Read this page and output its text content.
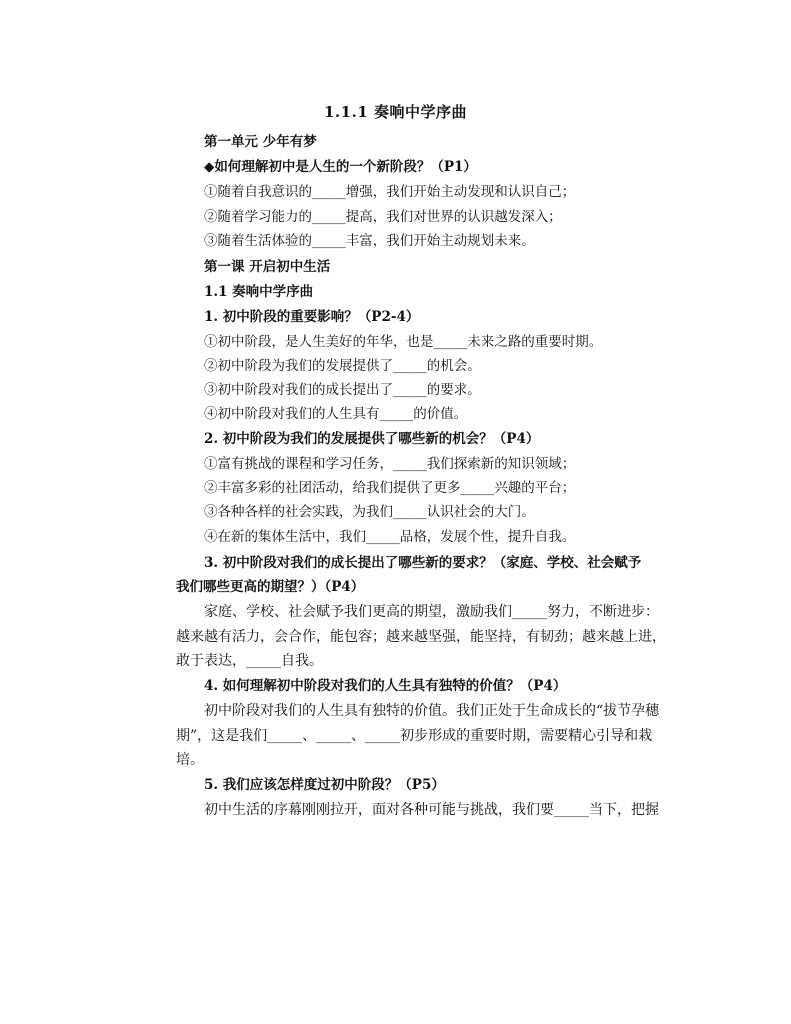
1.1.1 奏响中学序曲
第一单元 少年有梦
◆如何理解初中是人生的一个新阶段？（P1）
①随着自我意识的_____增强，我们开始主动发现和认识自己；
②随着学习能力的_____提高，我们对世界的认识越发深入；
③随着生活体验的_____丰富，我们开始主动规划未来。
第一课 开启初中生活
1.1 奏响中学序曲
1. 初中阶段的重要影响？（P2-4）
①初中阶段，是人生美好的年华，也是_____未来之路的重要时期。
②初中阶段为我们的发展提供了_____的机会。
③初中阶段对我们的成长提出了_____的要求。
④初中阶段对我们的人生具有_____的价值。
2. 初中阶段为我们的发展提供了哪些新的机会？（P4）
①富有挑战的课程和学习任务，_____我们探索新的知识领域；
②丰富多彩的社团活动，给我们提供了更多_____兴趣的平台；
③各种各样的社会实践，为我们_____认识社会的大门。
④在新的集体生活中，我们_____品格，发展个性，提升自我。
3. 初中阶段对我们的成长提出了哪些新的要求？（家庭、学校、社会赋予
我们哪些更高的期望？）（P4）
家庭、学校、社会赋予我们更高的期望，激励我们_____努力，不断进步：
越来越有活力，会合作，能包容；越来越坚强，能坚持，有韧劲；越来越上进，
敢于表达，_____自我。
4. 如何理解初中阶段对我们的人生具有独特的价值？（P4）
初中阶段对我们的人生具有独特的价值。我们正处于生命成长的“拔节孕穗
期”，这是我们_____、_____、_____初步形成的重要时期，需要精心引导和栽
培。
5. 我们应该怎样度过初中阶段？（P5）
初中生活的序幕刚刚拉开，面对各种可能与挑战，我们要_____当下，把握
